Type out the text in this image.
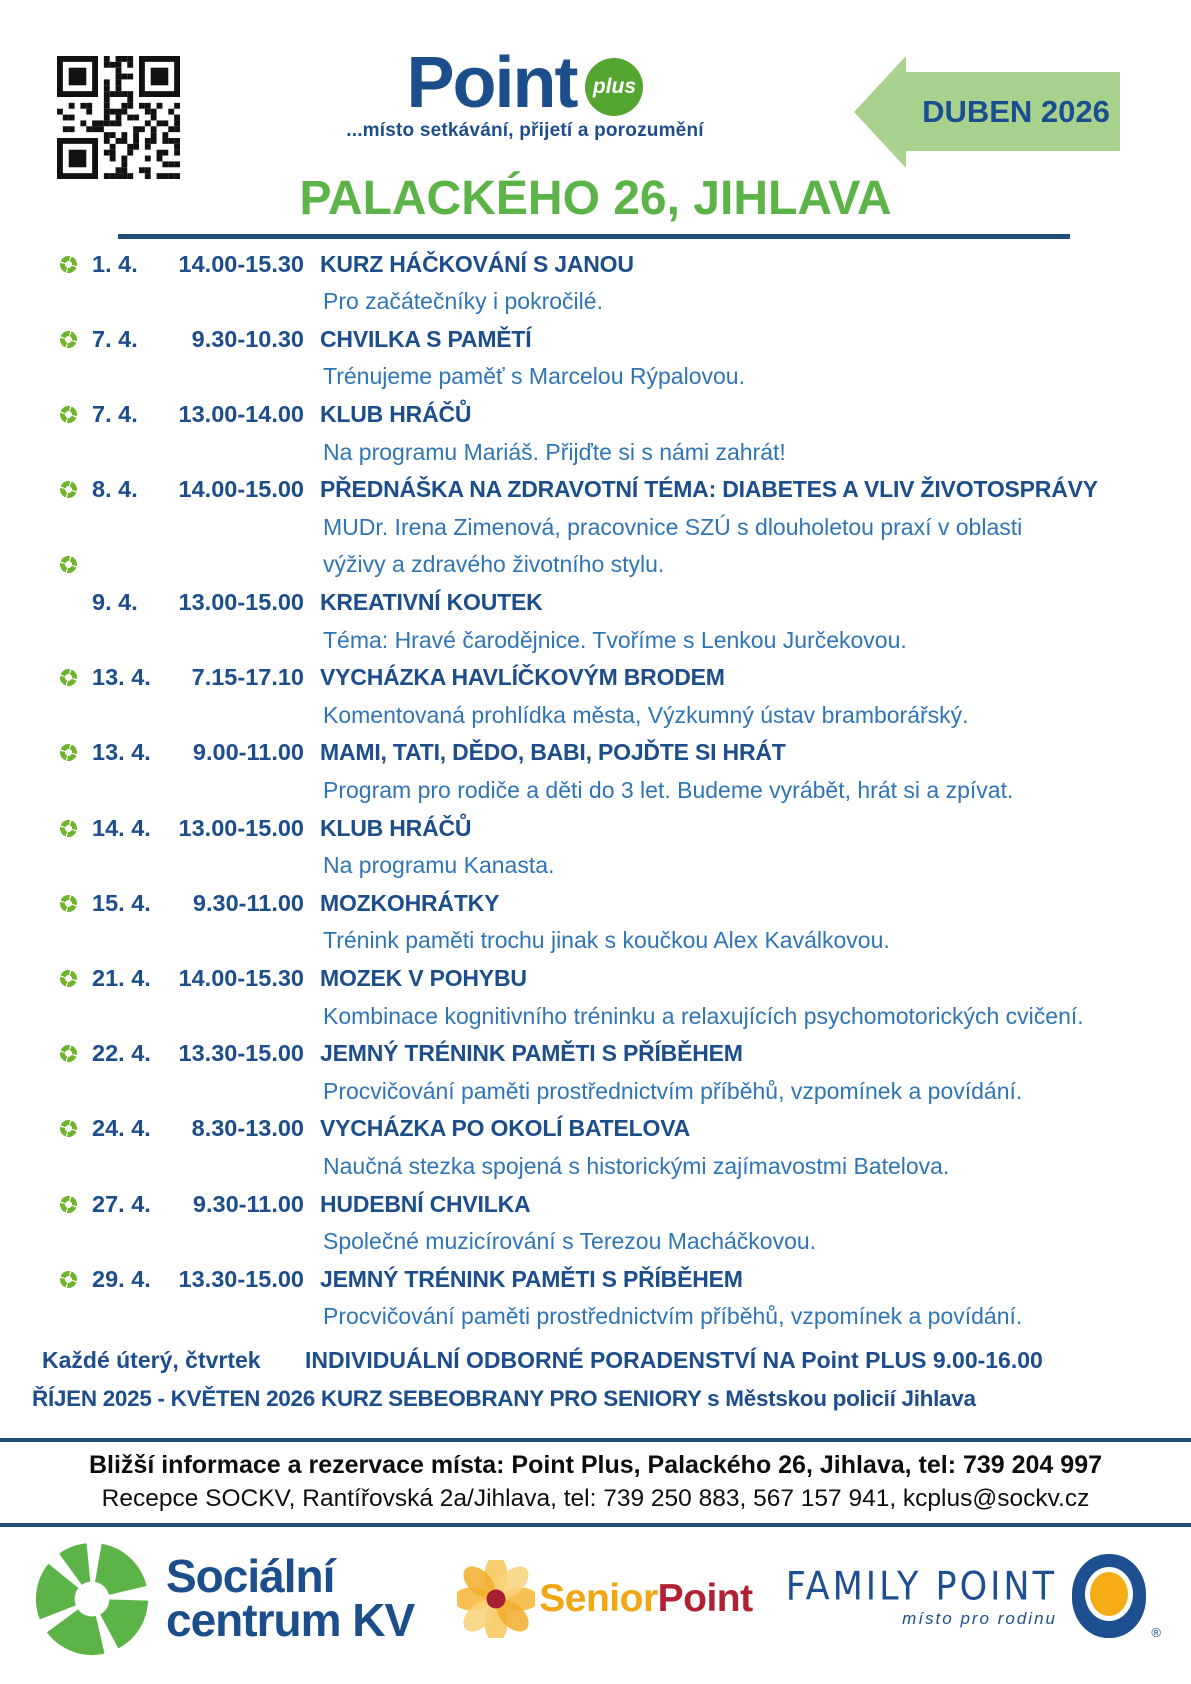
Point plus
...místo setkávání, přijetí a porozumění
DUBEN 2026
PALACKÉHO 26, JIHLAVA
1. 4.	14.00-15.30 KURZ HÁČKOVÁNÍ S JANOU
Pro začátečníky i pokročilé.
7. 4.	9.30-10.30 CHVILKA S PAMĚTÍ
Trénujeme paměť s Marcelou Rýpalovou.
7. 4.	13.00-14.00 KLUB HRÁČŮ
Na programu Mariáš. Přijďte si s námi zahrát!
8. 4.	14.00-15.00 PŘEDNÁŠKA NA ZDRAVOTNÍ TÉMA: DIABETES A VLIV ŽIVOTOSPRÁVY
MUDr. Irena Zimenová, pracovnice SZÚ s dlouholetou praxí v oblasti
výživy a zdravého životního stylu.
9. 4.	13.00-15.00 KREATIVNÍ KOUTEK
Téma: Hravé čarodějnice. Tvoříme s Lenkou Jurčekovou.
13. 4.	7.15-17.10 VYCHÁZKA HAVLÍČKOVÝM BRODEM
Komentovaná prohlídka města, Výzkumný ústav bramborářský.
13. 4.	9.00-11.00 MAMI, TATI, DĚDO, BABI, POJĎTE SI HRÁT
Program pro rodiče a děti do 3 let. Budeme vyrábět, hrát si a zpívat.
14. 4.	13.00-15.00 KLUB HRÁČŮ
Na programu Kanasta.
15. 4.	9.30-11.00 MOZKOHRÁTKY
Trénink paměti trochu jinak s koučkou Alex Kaválkovou.
21. 4.	14.00-15.30 MOZEK V POHYBU
Kombinace kognitivního tréninku a relaxujících psychomotorických cvičení.
22. 4.	13.30-15.00 JEMNÝ TRÉNINK PAMĚTI S PŘÍBĚHEM
Procvičování paměti prostřednictvím příběhů, vzpomínek a povídání.
24. 4.	8.30-13.00 VYCHÁZKA PO OKOLÍ BATELOVA
Naučná stezka spojená s historickými zajímavostmi Batelova.
27. 4.	9.30-11.00 HUDEBNÍ CHVILKA
Společné muzicírování s Terezou Macháčkovou.
29. 4.	13.30-15.00 JEMNÝ TRÉNINK PAMĚTI S PŘÍBĚHEM
Procvičování paměti prostřednictvím příběhů, vzpomínek a povídání.
Každé úterý, čtvrtek	INDIVIDUÁLNÍ ODBORNÉ PORADENSTVÍ NA Point PLUS 9.00-16.00
ŘÍJEN 2025 - KVĚTEN 2026 KURZ SEBEOBRANY PRO SENIORY s Městskou policií Jihlava
Bližší informace a rezervace místa: Point Plus, Palackého 26, Jihlava, tel: 739 204 997
Recepce SOCKV, Rantířovská 2a/Jihlava, tel: 739 250 883, 567 157 941, kcplus@sockv.cz
Sociální
centrum KV	SeniorPoint FAMILY POINT
místo pro rodinu
®
